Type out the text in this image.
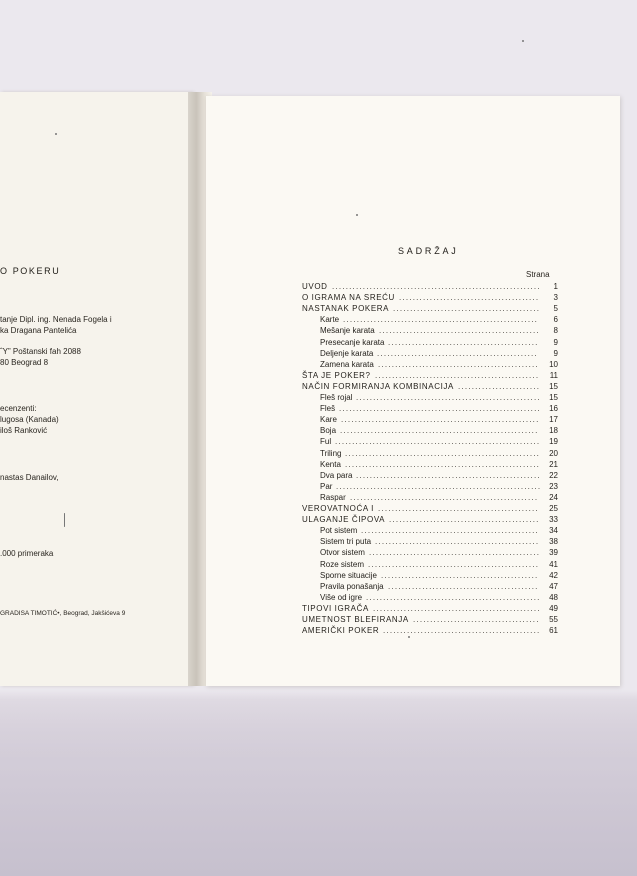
O POKERU
tanje Dipl. ing. Nenada Fogela i
ka Dragana Pantelića
ˆY” Poštanski fah 2088
80 Beograd 8
ecenzenti:
lugosa (Kanada)
iloš Ranković
nastas Danailov,
.000 primeraka
GRADISA TIMOTIĆ•, Beograd, Jakšićeva 9
SADRŽAJ
Strana
UVOD .............................................................	1
O IGRAMA NA SREĆU .........................................	3
NASTANAK POKERA ...........................................	5
Karte .........................................................	6
Mešanje karata ...............................................	8
Presecanje karata ............................................	9
Deljenje karata ...............................................	9
Zamena karata ...............................................	10
ŠTA JE POKER? ................................................	11
NAČIN FORMIRANJA KOMBINACIJA ........................	15
Fleš rojal ......................................................	15
Fleš ...........................................................	16
Kare ..........................................................	17
Boja ..........................................................	18
Ful ............................................................	19
Triling .........................................................	20
Kenta .........................................................	21
Dva para ......................................................	22
Par ............................................................ 23
Raspar .......................................................	24
VEROVATNOĆA I ...............................................	25
ULAGANJE ČIPOVA ............................................	33
Pot sistem ....................................................	34
Sistem tri puta ................................................	38
Otvor sistem ..................................................	39
Roze sistem ..................................................	41
Sporne situacije ..............................................	42
Pravila ponašanja ............................................	47
Više od igre ...................................................	48
TIPOVI IGRAČA .................................................	49
UMETNOST BLEFIRANJA .....................................	55
AMERIČKI POKER ..............................................	61
